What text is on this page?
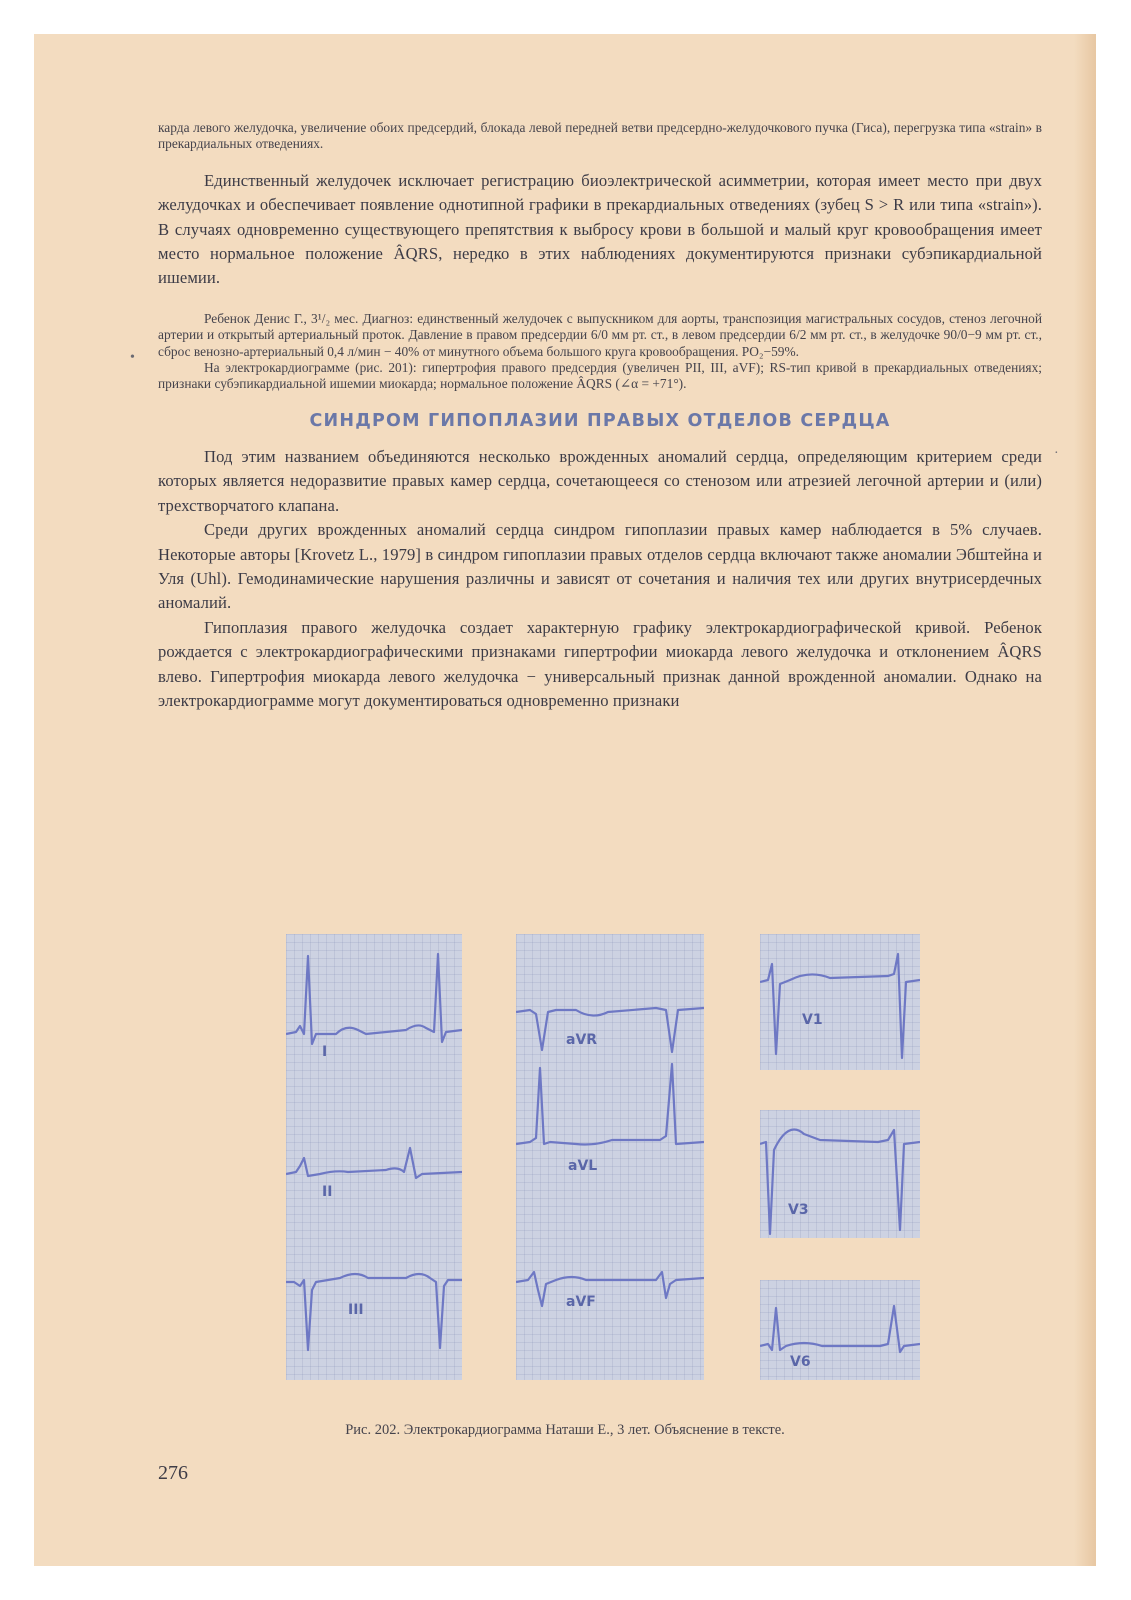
•
·

карда левого желудочка, увеличение обоих предсердий, блокада левой передней ветви предсердно-желудочкового пучка (Гиса), перегрузка типа «strain» в прекардиальных отведениях.

Единственный желудочек исключает регистрацию биоэлектрической асимметрии, которая имеет место при двух желудочках и обеспечивает появление однотипной графики в прекардиальных отведениях (зубец S > R или типа «strain»). В случаях одновременно существующего препятствия к выбросу крови в большой и малый круг кровообращения имеет место нормальное положение ÂQRS, нередко в этих наблюдениях документируются признаки субэпикардиальной ишемии.

Ребенок Денис Г., 3¹/₂ мес. Диагноз: единственный желудочек с выпускником для аорты, транспозиция магистральных сосудов, стеноз легочной артерии и открытый артериальный проток. Давление в правом предсердии 6/0 мм рт. ст., в левом предсердии 6/2 мм рт. ст., в желудочке 90/0−9 мм рт. ст., сброс венозно-артериальный 0,4 л/мин − 40% от минутного объема большого круга кровообращения. PO₂−59%.

На электрокардиограмме (рис. 201): гипертрофия правого предсердия (увеличен PII, III, aVF); RS-тип кривой в прекардиальных отведениях; признаки субэпикардиальной ишемии миокарда; нормальное положение ÂQRS (∠α = +71°).

СИНДРОМ ГИПОПЛАЗИИ ПРАВЫХ ОТДЕЛОВ СЕРДЦА

Под этим названием объединяются несколько врожденных аномалий сердца, определяющим критерием среди которых является недоразвитие правых камер сердца, сочетающееся со стенозом или атрезией легочной артерии и (или) трехстворчатого клапана.

Среди других врожденных аномалий сердца синдром гипоплазии правых камер наблюдается в 5% случаев. Некоторые авторы [Krovetz L., 1979] в синдром гипоплазии правых отделов сердца включают также аномалии Эбштейна и Уля (Uhl). Гемодинамические нарушения различны и зависят от сочетания и наличия тех или других внутрисердечных аномалий.

Гипоплазия правого желудочка создает характерную графику электрокардиографической кривой. Ребенок рождается с электрокардиографическими признаками гипертрофии миокарда левого желудочка и отклонением ÂQRS влево. Гипертрофия миокарда левого желудочка − универсальный признак данной врожденной аномалии. Однако на электрокардиограмме могут документироваться одновременно признаки

I
II
III
aVR
aVL
aVF
V1
V3
V6
Рис. 202. Электрокардиограмма Наташи Е., 3 лет. Объяснение в тексте.
276
